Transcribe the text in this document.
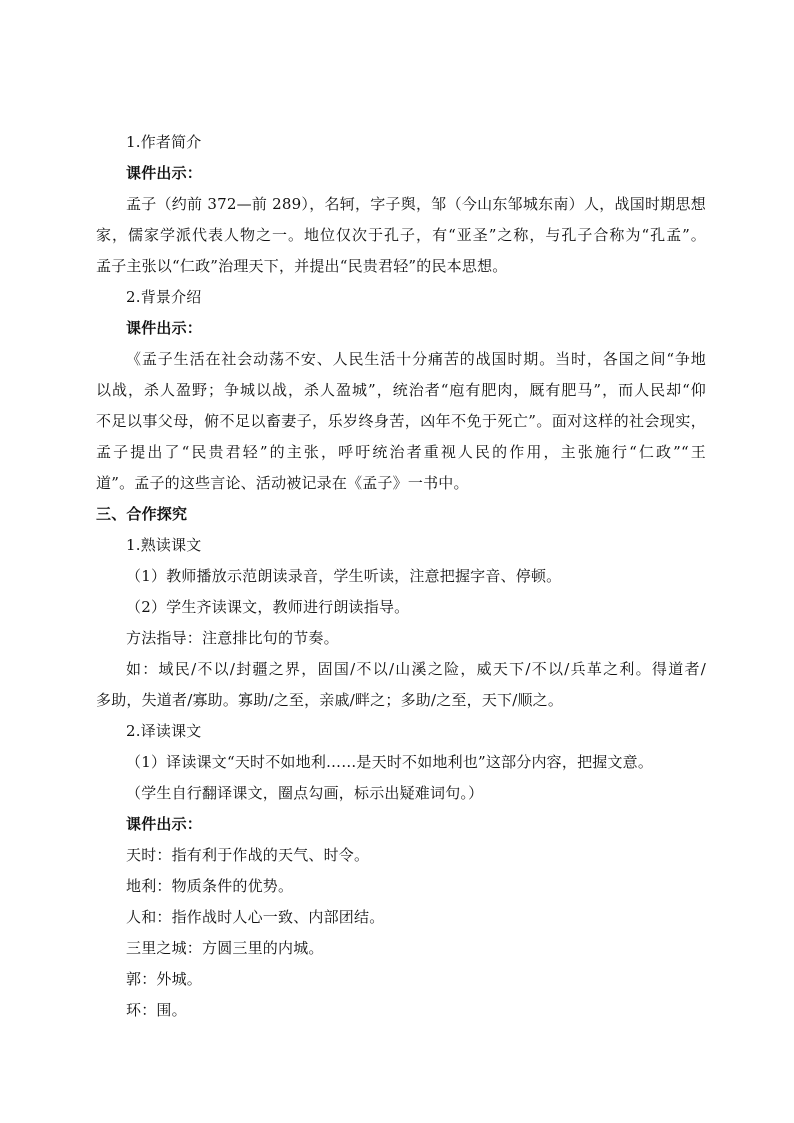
1.作者简介
课件出示：
孟子（约前 372—前 289），名轲，字子舆，邹（今山东邹城东南）人，战国时期思想
家，儒家学派代表人物之一。地位仅次于孔子，有“亚圣”之称，与孔子合称为“孔孟”。
孟子主张以“仁政”治理天下，并提出“民贵君轻”的民本思想。
2.背景介绍
课件出示：
《孟子生活在社会动荡不安、人民生活十分痛苦的战国时期。当时，各国之间“争地
以战，杀人盈野；争城以战，杀人盈城”，统治者“庖有肥肉，厩有肥马”，而人民却“仰
不足以事父母，俯不足以畜妻子，乐岁终身苦，凶年不免于死亡”。面对这样的社会现实，
孟子提出了“民贵君轻”的主张，呼吁统治者重视人民的作用，主张施行“仁政”“王
道”。孟子的这些言论、活动被记录在《孟子》一书中。
三、合作探究
1.熟读课文
（1）教师播放示范朗读录音，学生听读，注意把握字音、停顿。
（2）学生齐读课文，教师进行朗读指导。
方法指导：注意排比句的节奏。
如：域民/不以/封疆之界，固国/不以/山溪之险，威天下/不以/兵革之利。得道者/
多助，失道者/寡助。寡助/之至，亲戚/畔之；多助/之至，天下/顺之。
2.译读课文
（1）译读课文“天时不如地利……是天时不如地利也”这部分内容，把握文意。
（学生自行翻译课文，圈点勾画，标示出疑难词句。）
课件出示：
天时：指有利于作战的天气、时令。
地利：物质条件的优势。
人和：指作战时人心一致、内部团结。
三里之城：方圆三里的内城。
郭：外城。
环：围。
